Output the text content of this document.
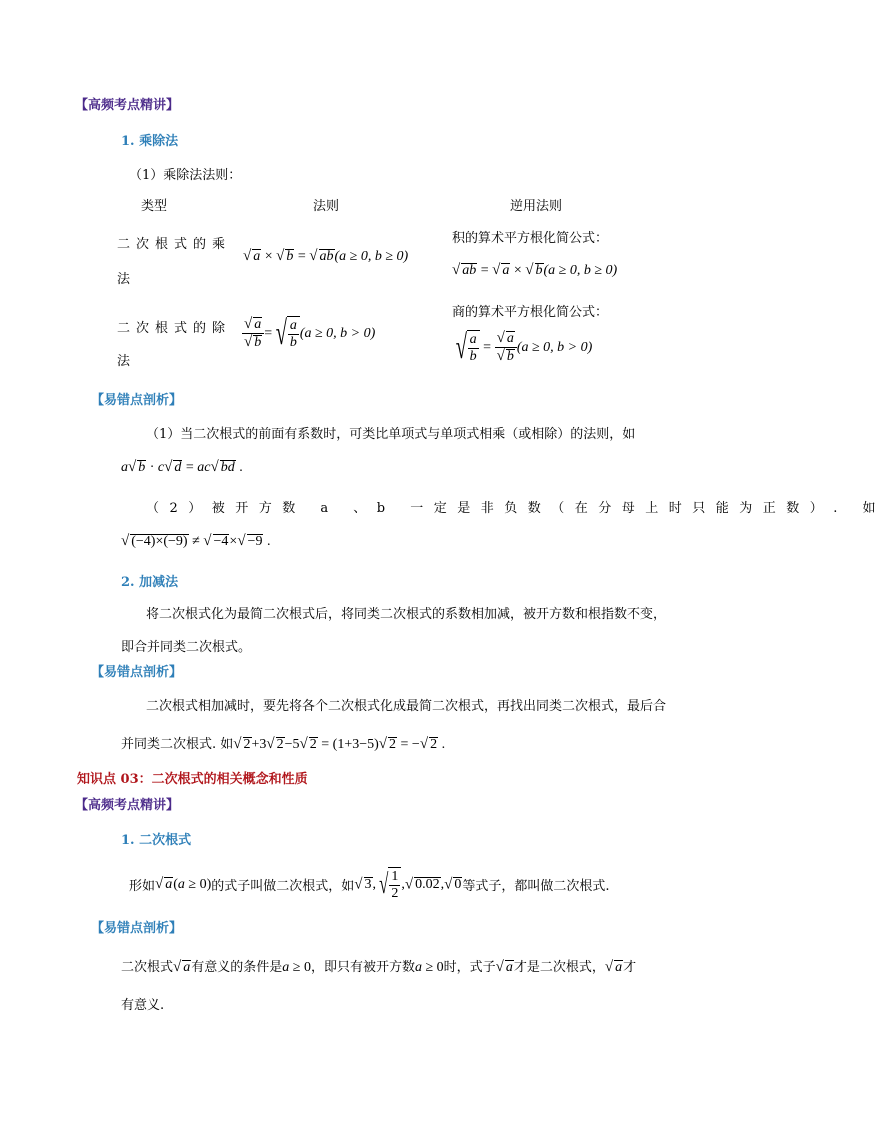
【高频考点精讲】
1. 乘除法
（1）乘除法法则：
类型	法则	逆用法则
二次根式的乘
法
√ a × √ b = √ ab(a ≥ 0, b ≥ 0)
积的算术平方根化简公式：
√ ab = √ a × √ b(a ≥ 0, b ≥ 0)
二次根式的除
法
$\frac{√ a}{√ b}$ = √ $\frac{a}{b} (a \ge 0$, b > 0)
商的算术平方根化简公式：
√ $\frac{a}{b} = \frac{√ a}{√ b} (a \ge 0$, b > 0)
【易错点剖析】
（1）当二次根式的前面有系数时，可类比单项式与单项式相乘（或相除）的法则，如
a√ b · c√ d = ac√ bd .
（2）被开方数 a 、b 一定是非负数（在分母上时只能为正数）. 如
√ (−4)×(−9) ≠ √ −4×√ −9 .
2. 加减法
将二次根式化为最简二次根式后，将同类二次根式的系数相加减，被开方数和根指数不变，
即合并同类二次根式。
【易错点剖析】
二次根式相加减时，要先将各个二次根式化成最简二次根式，再找出同类二次根式，最后合
并同类二次根式. 如√ 2+3√ 2−5√ 2 = (1+3−5)√ 2 = −√ 2 .
知识点 03：二次根式的相关概念和性质
【高频考点精讲】
1. 二次根式
形如√ a(a ≥ 0)的式子叫做二次根式，如√ 3, √ $\frac{1}{2}$ ,√ 0.02,√ 0等式子，都叫做二次根式.
【易错点剖析】
二次根式√ a有意义的条件是a ≥ 0，即只有被开方数a ≥ 0时，式子√ a才是二次根式，√ a才
有意义.
